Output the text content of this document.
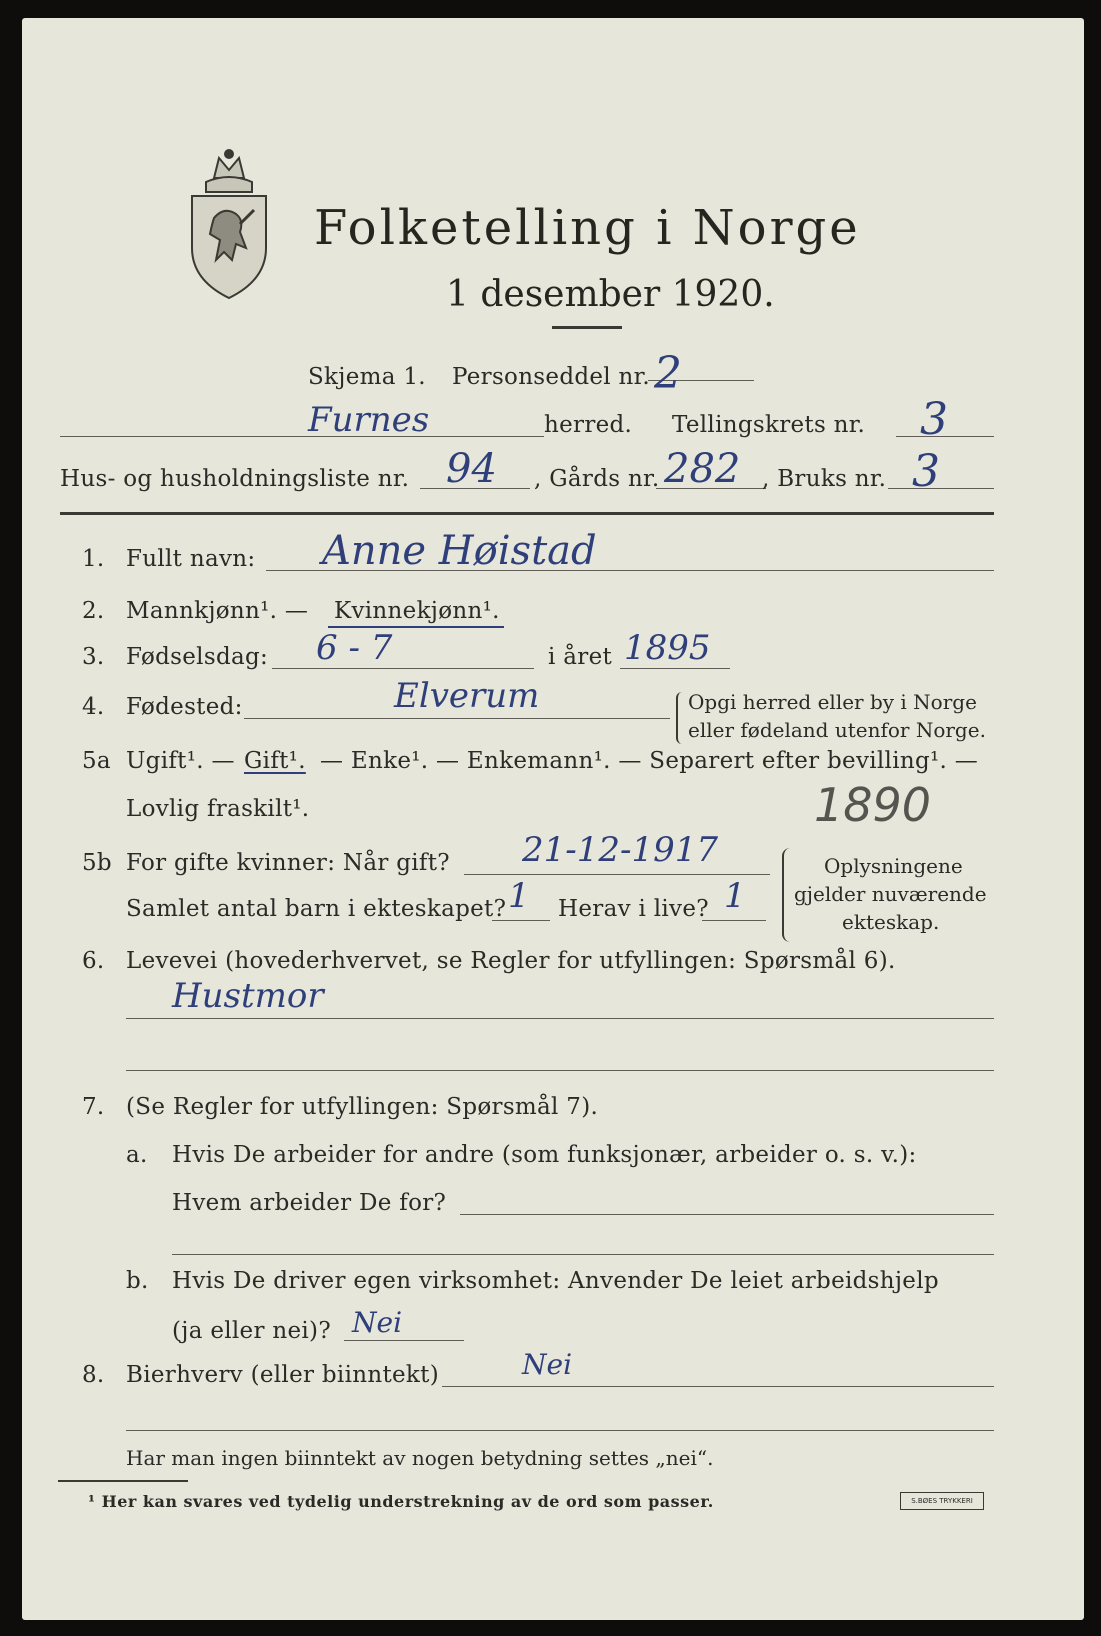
Folketelling i Norge
1 desember 1920.
Skjema 1. Personseddel nr. 2
Furnes	herred. Tellingskrets nr. 3
Hus- og husholdningsliste nr. 94 , Gårds nr. 282 , Bruks nr. 3
1. Fullt navn: Anne Høistad
2. Mannkjønn¹. — Kvinnekjønn¹.
3. Fødselsdag: 6 - 7	i året 1895
4. Fødested:	Elverum	Opgi herred eller by i Norge
eller fødeland utenfor Norge.
5a Ugift¹. — Gift¹. — Enke¹. — Enkemann¹. — Separert efter bevilling¹. —
Lovlig fraskilt¹.	1890
5b For gifte kvinner: Når gift? 21-12-1917
Samlet antal barn i ekteskapet? 1 Herav i live? 1
Oplysningene
gjelder nuværende
ekteskap.
6. Levevei (hovederhvervet, se Regler for utfyllingen: Spørsmål 6).
Hustmor
7. (Se Regler for utfyllingen: Spørsmål 7).
a. Hvis De arbeider for andre (som funksjonær, arbeider o. s. v.):
Hvem arbeider De for?
b. Hvis De driver egen virksomhet: Anvender De leiet arbeidshjelp
(ja eller nei)? Nei
8. Bierhverv (eller biinntekt)	Nei
Har man ingen biinntekt av nogen betydning settes „nei“.
¹ Her kan svares ved tydelig understrekning av de ord som passer.	S.BØES TRYKKERI
